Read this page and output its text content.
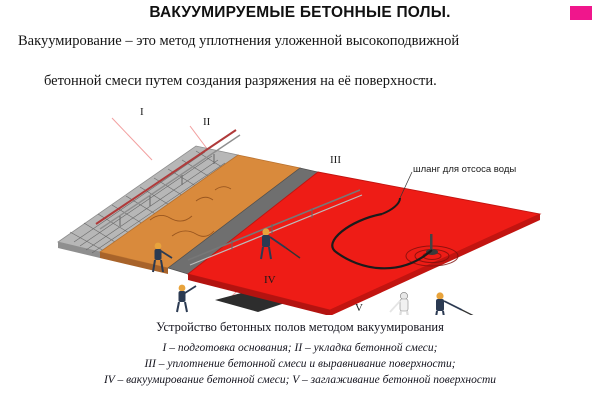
ВАКУУМИРУЕМЫЕ БЕТОННЫЕ ПОЛЫ.
Вакуумирование – это метод уплотнения уложенной высокоподвижной
бетонной смеси путем создания разряжения на её поверхности.
I
II
III
IV
V
шланг для отсоса воды
Устройство бетонных полов методом вакуумирования
I – подготовка основания; II – укладка бетонной смеси;
III – уплотнение бетонной смеси и выравнивание поверхности;
IV – вакуумирование бетонной смеси; V – заглаживание бетонной поверхности
